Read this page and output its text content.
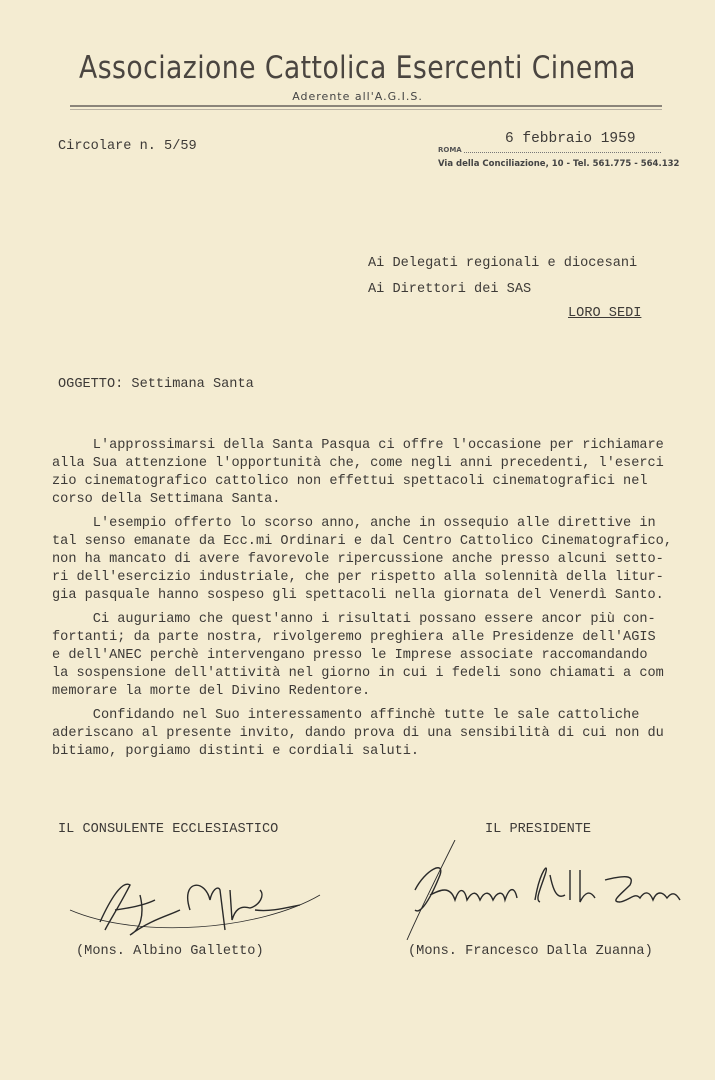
Associazione Cattolica Esercenti Cinema
Aderente all'A.G.I.S.
Circolare n. 5/59	6 febbraio 1959
ROMA
Via della Conciliazione, 10 - Tel. 561.775 - 564.132
Ai Delegati regionali e diocesani
Ai Direttori dei SAS
LORO SEDI
OGGETTO: Settimana Santa

L'approssimarsi della Santa Pasqua ci offre l'occasione per richiamare
alla Sua attenzione l'opportunità che, come negli anni precedenti, l'eserci
zio cinematografico cattolico non effettui spettacoli cinematografici nel
corso della Settimana Santa.

L'esempio offerto lo scorso anno, anche in ossequio alle direttive in
tal senso emanate da Ecc.mi Ordinari e dal Centro Cattolico Cinematografico,
non ha mancato di avere favorevole ripercussione anche presso alcuni setto-
ri dell'esercizio industriale, che per rispetto alla solennità della litur-
gia pasquale hanno sospeso gli spettacoli nella giornata del Venerdì Santo.

Ci auguriamo che quest'anno i risultati possano essere ancor più con-
fortanti; da parte nostra, rivolgeremo preghiera alle Presidenze dell'AGIS
e dell'ANEC perchè intervengano presso le Imprese associate raccomandando
la sospensione dell'attività nel giorno in cui i fedeli sono chiamati a com
memorare la morte del Divino Redentore.

Confidando nel Suo interessamento affinchè tutte le sale cattoliche
aderiscano al presente invito, dando prova di una sensibilità di cui non du
bitiamo, porgiamo distinti e cordiali saluti.

IL CONSULENTE ECCLESIASTICO	IL PRESIDENTE
(Mons. Albino Galletto)	(Mons. Francesco Dalla Zuanna)
